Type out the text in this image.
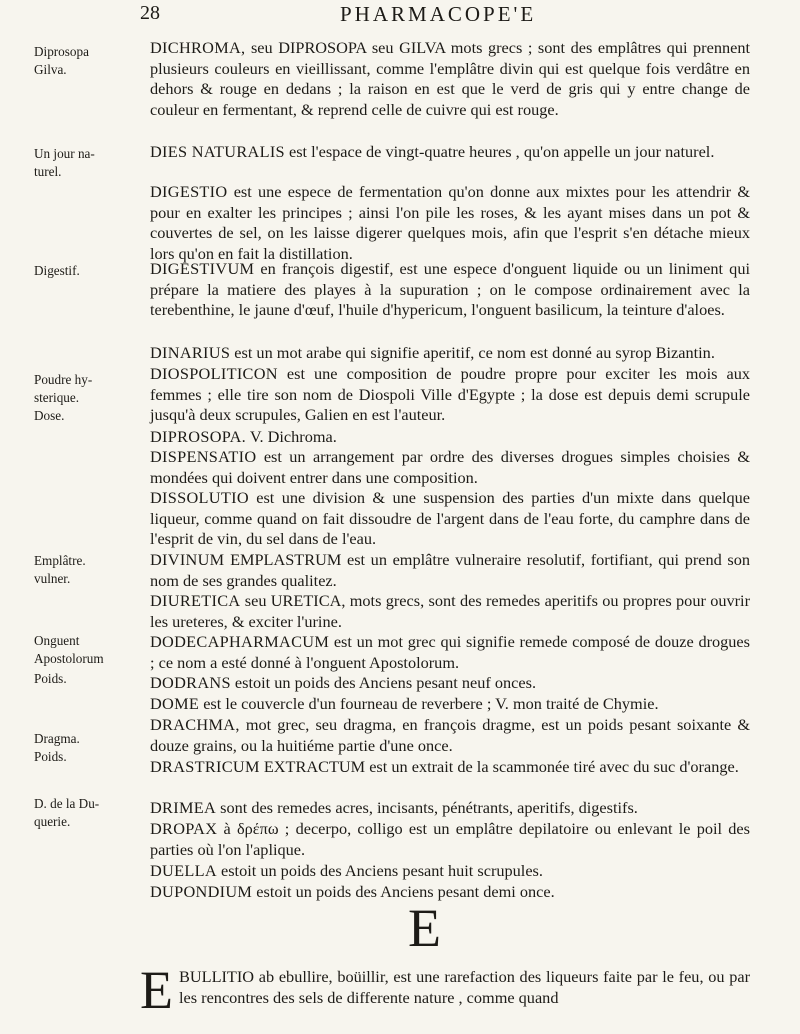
28	PHARMACOPE'E
Diprosopa
Gilva.
Un jour na-
turel.
Digestif.
Poudre hy-
sterique.
Dose.
Emplâtre.
vulner.
Onguent
Apostolorum
Poids.
Dragma.
Poids.
D. de la Du-
querie.

DICHROMA, seu DIPROSOPA seu GILVA mots grecs ; sont des emplâtres qui prennent plusieurs couleurs en vieillissant, comme l'emplâtre divin qui est quelque fois verdâtre en dehors & rouge en dedans ; la raison en est que le verd de gris qui y entre change de couleur en fermentant, & reprend celle de cuivre qui est rouge.

DIES NATURALIS est l'espace de vingt-quatre heures , qu'on appelle un jour naturel.

DIGESTIO est une espece de fermentation qu'on donne aux mixtes pour les attendrir & pour en exalter les principes ; ainsi l'on pile les roses, & les ayant mises dans un pot & couvertes de sel, on les laisse digerer quelques mois, afin que l'esprit s'en détache mieux lors qu'on en fait la distillation.

DIGESTIVUM en françois digestif, est une espece d'onguent liquide ou un liniment qui prépare la matiere des playes à la supuration ; on le compose ordinairement avec la terebenthine, le jaune d'œuf, l'huile d'hypericum, l'onguent basilicum, la teinture d'aloes.

DINARIUS est un mot arabe qui signifie aperitif, ce nom est donné au syrop Bizantin.

DIOSPOLITICON est une composition de poudre propre pour exciter les mois aux femmes ; elle tire son nom de Diospoli Ville d'Egypte ; la dose est depuis demi scrupule jusqu'à deux scrupules, Galien en est l'auteur.

DIPROSOPA. V. Dichroma.

DISPENSATIO est un arrangement par ordre des diverses drogues simples choisies & mondées qui doivent entrer dans une composition.

DISSOLUTIO est une division & une suspension des parties d'un mixte dans quelque liqueur, comme quand on fait dissoudre de l'argent dans de l'eau forte, du camphre dans de l'esprit de vin, du sel dans de l'eau.

DIVINUM EMPLASTRUM est un emplâtre vulneraire resolutif, fortifiant, qui prend son nom de ses grandes qualitez.

DIURETICA seu URETICA, mots grecs, sont des remedes aperitifs ou propres pour ouvrir les ureteres, & exciter l'urine.

DODECAPHARMACUM est un mot grec qui signifie remede composé de douze drogues ; ce nom a esté donné à l'onguent Apostolorum.

DODRANS estoit un poids des Anciens pesant neuf onces.

DOME est le couvercle d'un fourneau de reverbere ; V. mon traité de Chymie.

DRACHMA, mot grec, seu dragma, en françois dragme, est un poids pesant soixante & douze grains, ou la huitiéme partie d'une once.

DRASTRICUM EXTRACTUM est un extrait de la scammonée tiré avec du suc d'orange.

DRIMEA sont des remedes acres, incisants, pénétrants, aperitifs, digestifs.

DROPAX à δρέπω ; decerpo, colligo est un emplâtre depilatoire ou enlevant le poil des parties où l'on l'aplique.

DUELLA estoit un poids des Anciens pesant huit scrupules.

DUPONDIUM estoit un poids des Anciens pesant demi once.

E

EBULLITIO ab ebullire, boüillir, est une rarefaction des liqueurs faite par le feu, ou par les rencontres des sels de differente nature , comme quand
